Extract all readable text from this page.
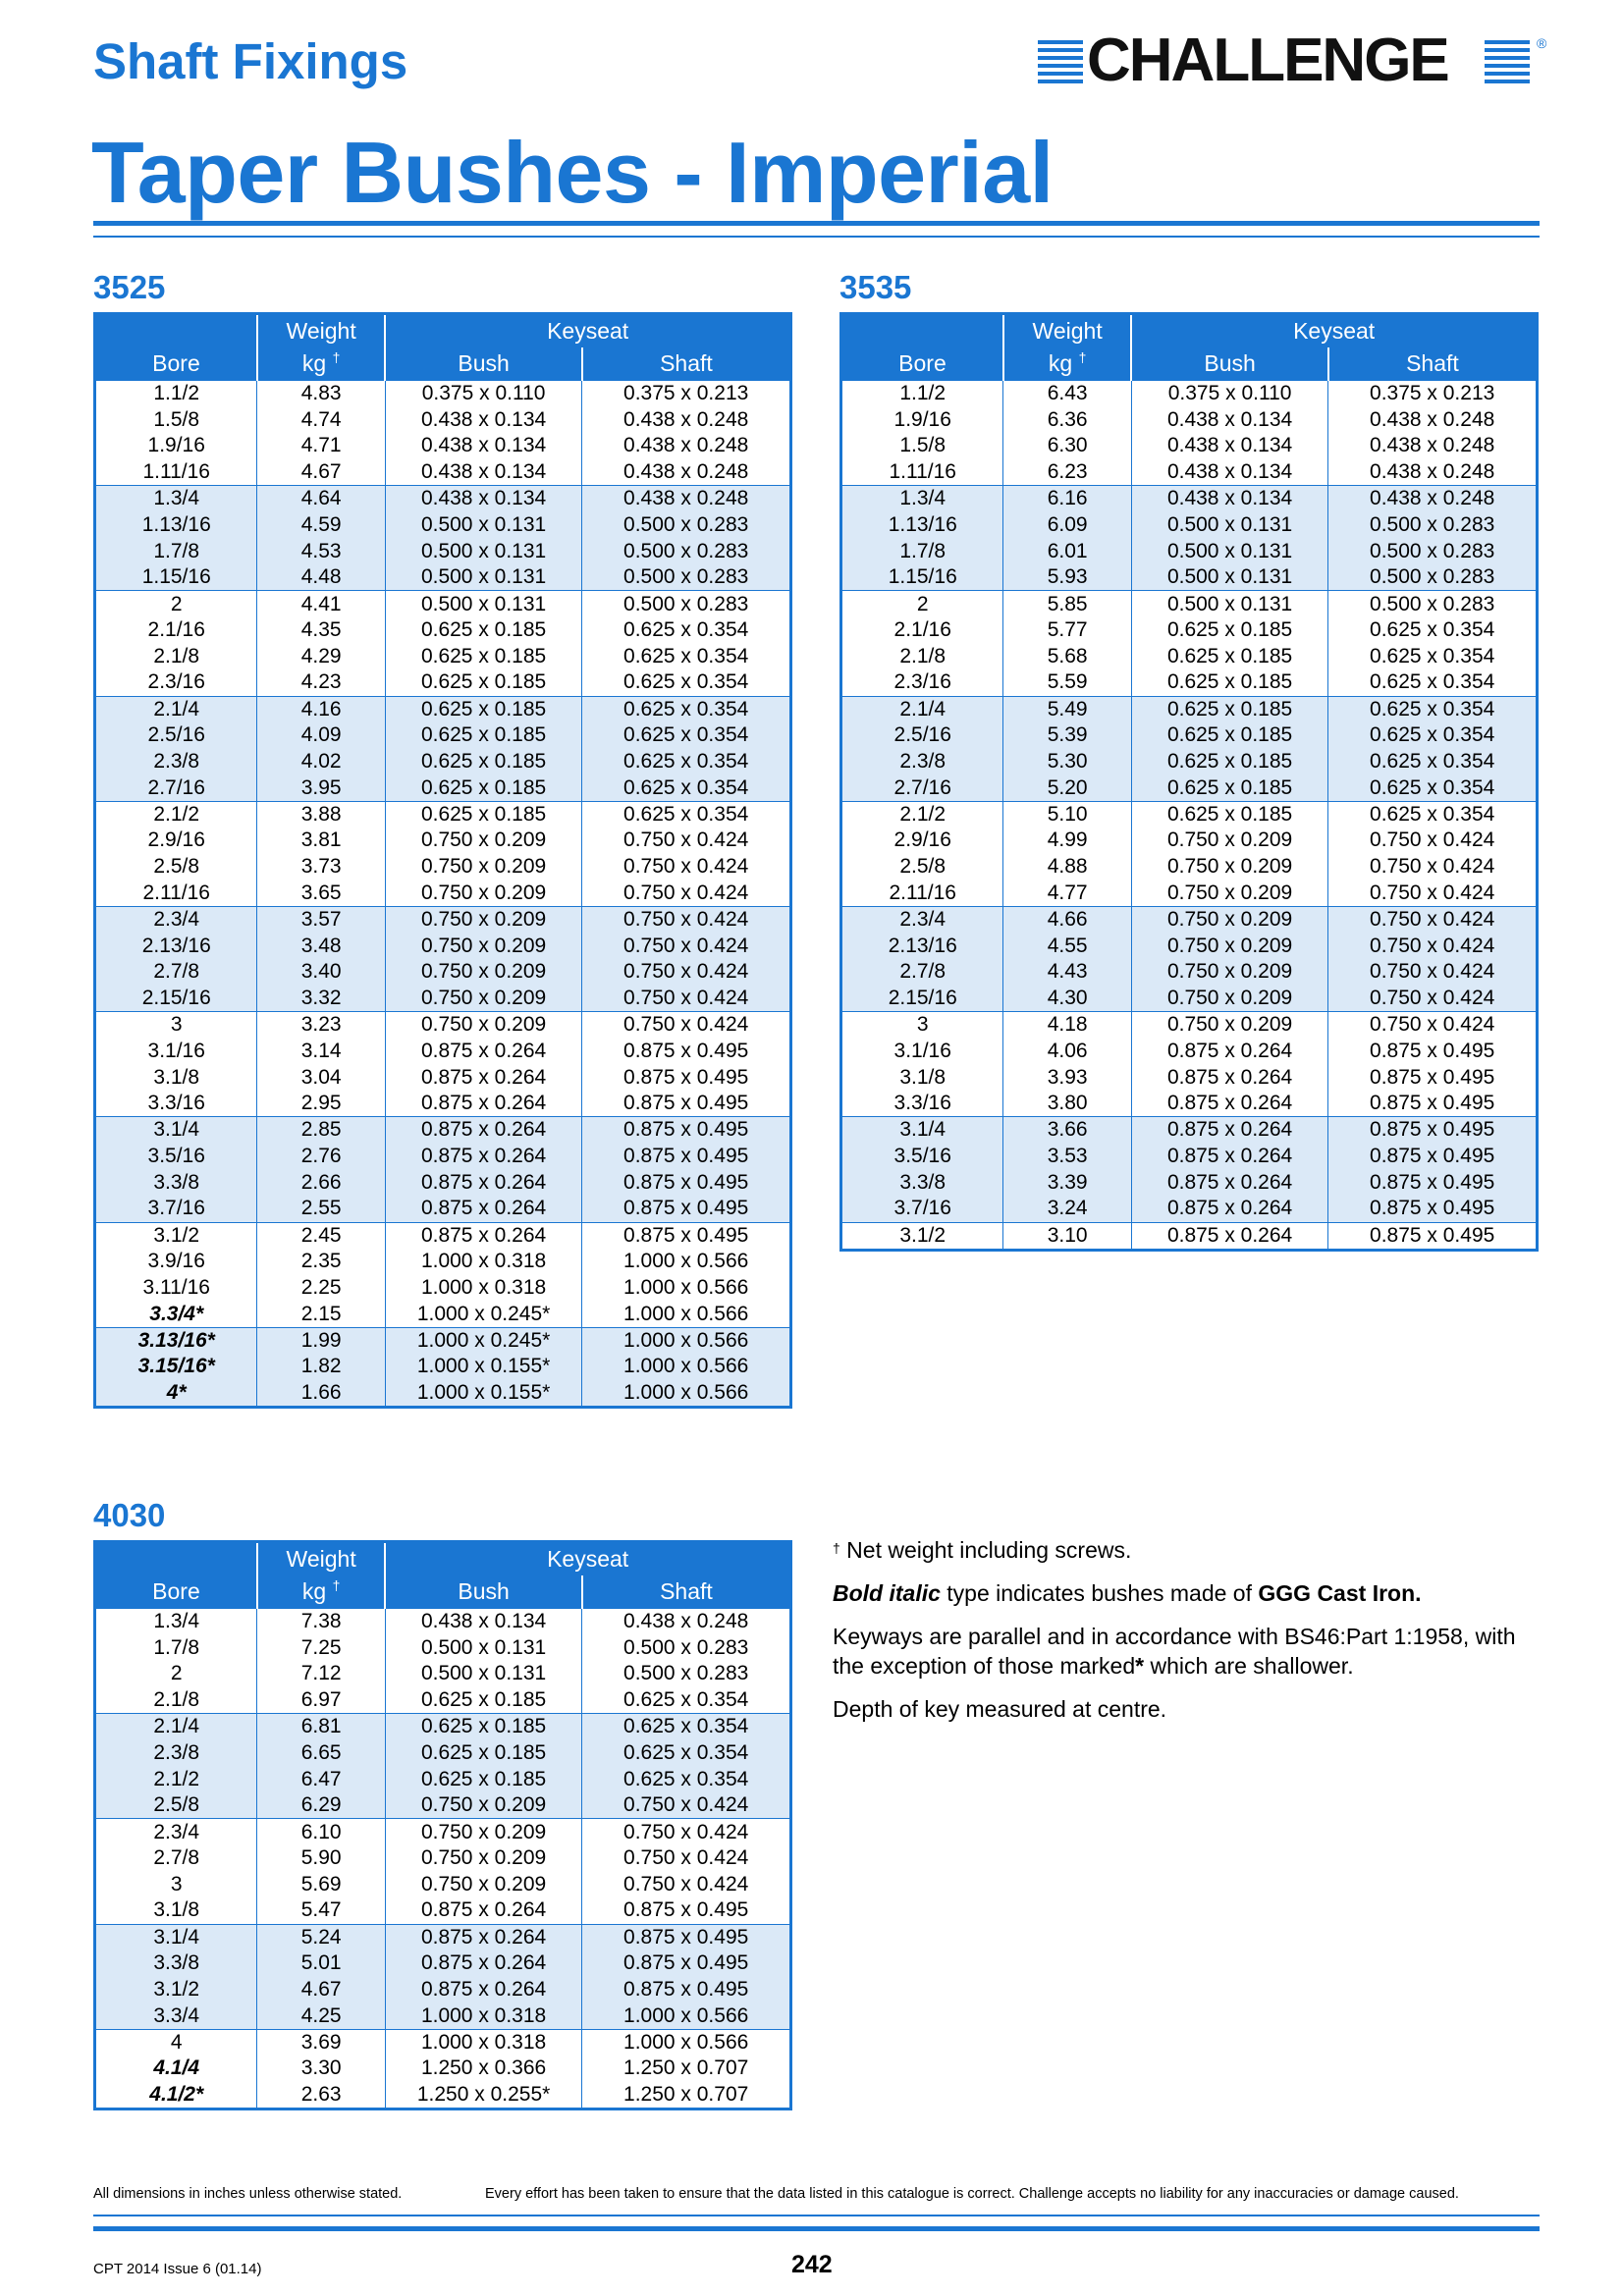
Shaft Fixings
Taper Bushes - Imperial
CHALLENGE	®
3525	3535
4030
	Weight	Keyseat	
Bore	kg †	Bush	Shaft
1.1/2	4.83	0.375 x 0.110	0.375 x 0.213
1.5/8	4.74	0.438 x 0.134	0.438 x 0.248
1.9/16	4.71	0.438 x 0.134	0.438 x 0.248
1.11/16	4.67	0.438 x 0.134	0.438 x 0.248
1.3/4	4.64	0.438 x 0.134	0.438 x 0.248
1.13/16	4.59	0.500 x 0.131	0.500 x 0.283
1.7/8	4.53	0.500 x 0.131	0.500 x 0.283
1.15/16	4.48	0.500 x 0.131	0.500 x 0.283
2	4.41	0.500 x 0.131	0.500 x 0.283
2.1/16	4.35	0.625 x 0.185	0.625 x 0.354
2.1/8	4.29	0.625 x 0.185	0.625 x 0.354
2.3/16	4.23	0.625 x 0.185	0.625 x 0.354
2.1/4	4.16	0.625 x 0.185	0.625 x 0.354
2.5/16	4.09	0.625 x 0.185	0.625 x 0.354
2.3/8	4.02	0.625 x 0.185	0.625 x 0.354
2.7/16	3.95	0.625 x 0.185	0.625 x 0.354
2.1/2	3.88	0.625 x 0.185	0.625 x 0.354
2.9/16	3.81	0.750 x 0.209	0.750 x 0.424
2.5/8	3.73	0.750 x 0.209	0.750 x 0.424
2.11/16	3.65	0.750 x 0.209	0.750 x 0.424
2.3/4	3.57	0.750 x 0.209	0.750 x 0.424
2.13/16	3.48	0.750 x 0.209	0.750 x 0.424
2.7/8	3.40	0.750 x 0.209	0.750 x 0.424
2.15/16	3.32	0.750 x 0.209	0.750 x 0.424
3	3.23	0.750 x 0.209	0.750 x 0.424
3.1/16	3.14	0.875 x 0.264	0.875 x 0.495
3.1/8	3.04	0.875 x 0.264	0.875 x 0.495
3.3/16	2.95	0.875 x 0.264	0.875 x 0.495
3.1/4	2.85	0.875 x 0.264	0.875 x 0.495
3.5/16	2.76	0.875 x 0.264	0.875 x 0.495
3.3/8	2.66	0.875 x 0.264	0.875 x 0.495
3.7/16	2.55	0.875 x 0.264	0.875 x 0.495
3.1/2	2.45	0.875 x 0.264	0.875 x 0.495
3.9/16	2.35	1.000 x 0.318	1.000 x 0.566
3.11/16	2.25	1.000 x 0.318	1.000 x 0.566
3.3/4*	2.15	1.000 x 0.245*	1.000 x 0.566
3.13/16*	1.99	1.000 x 0.245*	1.000 x 0.566
3.15/16*	1.82	1.000 x 0.155*	1.000 x 0.566
4*	1.66	1.000 x 0.155*	1.000 x 0.566
	Weight	Keyseat	
Bore	kg †	Bush	Shaft
1.1/2	6.43	0.375 x 0.110	0.375 x 0.213
1.9/16	6.36	0.438 x 0.134	0.438 x 0.248
1.5/8	6.30	0.438 x 0.134	0.438 x 0.248
1.11/16	6.23	0.438 x 0.134	0.438 x 0.248
1.3/4	6.16	0.438 x 0.134	0.438 x 0.248
1.13/16	6.09	0.500 x 0.131	0.500 x 0.283
1.7/8	6.01	0.500 x 0.131	0.500 x 0.283
1.15/16	5.93	0.500 x 0.131	0.500 x 0.283
2	5.85	0.500 x 0.131	0.500 x 0.283
2.1/16	5.77	0.625 x 0.185	0.625 x 0.354
2.1/8	5.68	0.625 x 0.185	0.625 x 0.354
2.3/16	5.59	0.625 x 0.185	0.625 x 0.354
2.1/4	5.49	0.625 x 0.185	0.625 x 0.354
2.5/16	5.39	0.625 x 0.185	0.625 x 0.354
2.3/8	5.30	0.625 x 0.185	0.625 x 0.354
2.7/16	5.20	0.625 x 0.185	0.625 x 0.354
2.1/2	5.10	0.625 x 0.185	0.625 x 0.354
2.9/16	4.99	0.750 x 0.209	0.750 x 0.424
2.5/8	4.88	0.750 x 0.209	0.750 x 0.424
2.11/16	4.77	0.750 x 0.209	0.750 x 0.424
2.3/4	4.66	0.750 x 0.209	0.750 x 0.424
2.13/16	4.55	0.750 x 0.209	0.750 x 0.424
2.7/8	4.43	0.750 x 0.209	0.750 x 0.424
2.15/16	4.30	0.750 x 0.209	0.750 x 0.424
3	4.18	0.750 x 0.209	0.750 x 0.424
3.1/16	4.06	0.875 x 0.264	0.875 x 0.495
3.1/8	3.93	0.875 x 0.264	0.875 x 0.495
3.3/16	3.80	0.875 x 0.264	0.875 x 0.495
3.1/4	3.66	0.875 x 0.264	0.875 x 0.495
3.5/16	3.53	0.875 x 0.264	0.875 x 0.495
3.3/8	3.39	0.875 x 0.264	0.875 x 0.495
3.7/16	3.24	0.875 x 0.264	0.875 x 0.495
3.1/2	3.10	0.875 x 0.264	0.875 x 0.495
	Weight	Keyseat	
Bore	kg †	Bush	Shaft
1.3/4	7.38	0.438 x 0.134	0.438 x 0.248
1.7/8	7.25	0.500 x 0.131	0.500 x 0.283
2	7.12	0.500 x 0.131	0.500 x 0.283
2.1/8	6.97	0.625 x 0.185	0.625 x 0.354
2.1/4	6.81	0.625 x 0.185	0.625 x 0.354
2.3/8	6.65	0.625 x 0.185	0.625 x 0.354
2.1/2	6.47	0.625 x 0.185	0.625 x 0.354
2.5/8	6.29	0.750 x 0.209	0.750 x 0.424
2.3/4	6.10	0.750 x 0.209	0.750 x 0.424
2.7/8	5.90	0.750 x 0.209	0.750 x 0.424
3	5.69	0.750 x 0.209	0.750 x 0.424
3.1/8	5.47	0.875 x 0.264	0.875 x 0.495
3.1/4	5.24	0.875 x 0.264	0.875 x 0.495
3.3/8	5.01	0.875 x 0.264	0.875 x 0.495
3.1/2	4.67	0.875 x 0.264	0.875 x 0.495
3.3/4	4.25	1.000 x 0.318	1.000 x 0.566
4	3.69	1.000 x 0.318	1.000 x 0.566
4.1/4	3.30	1.250 x 0.366	1.250 x 0.707
4.1/2*	2.63	1.250 x 0.255*	1.250 x 0.707

† Net weight including screws.

Bold italic type indicates bushes made of GGG Cast Iron.

Keyways are parallel and in accordance with BS46:Part 1:1958, with the exception of those marked* which are shallower.

Depth of key measured at centre.

All dimensions in inches unless otherwise stated.	Every effort has been taken to ensure that the data listed in this catalogue is correct. Challenge accepts no liability for any inaccuracies or damage caused.
CPT 2014 Issue 6 (01.14)	242
